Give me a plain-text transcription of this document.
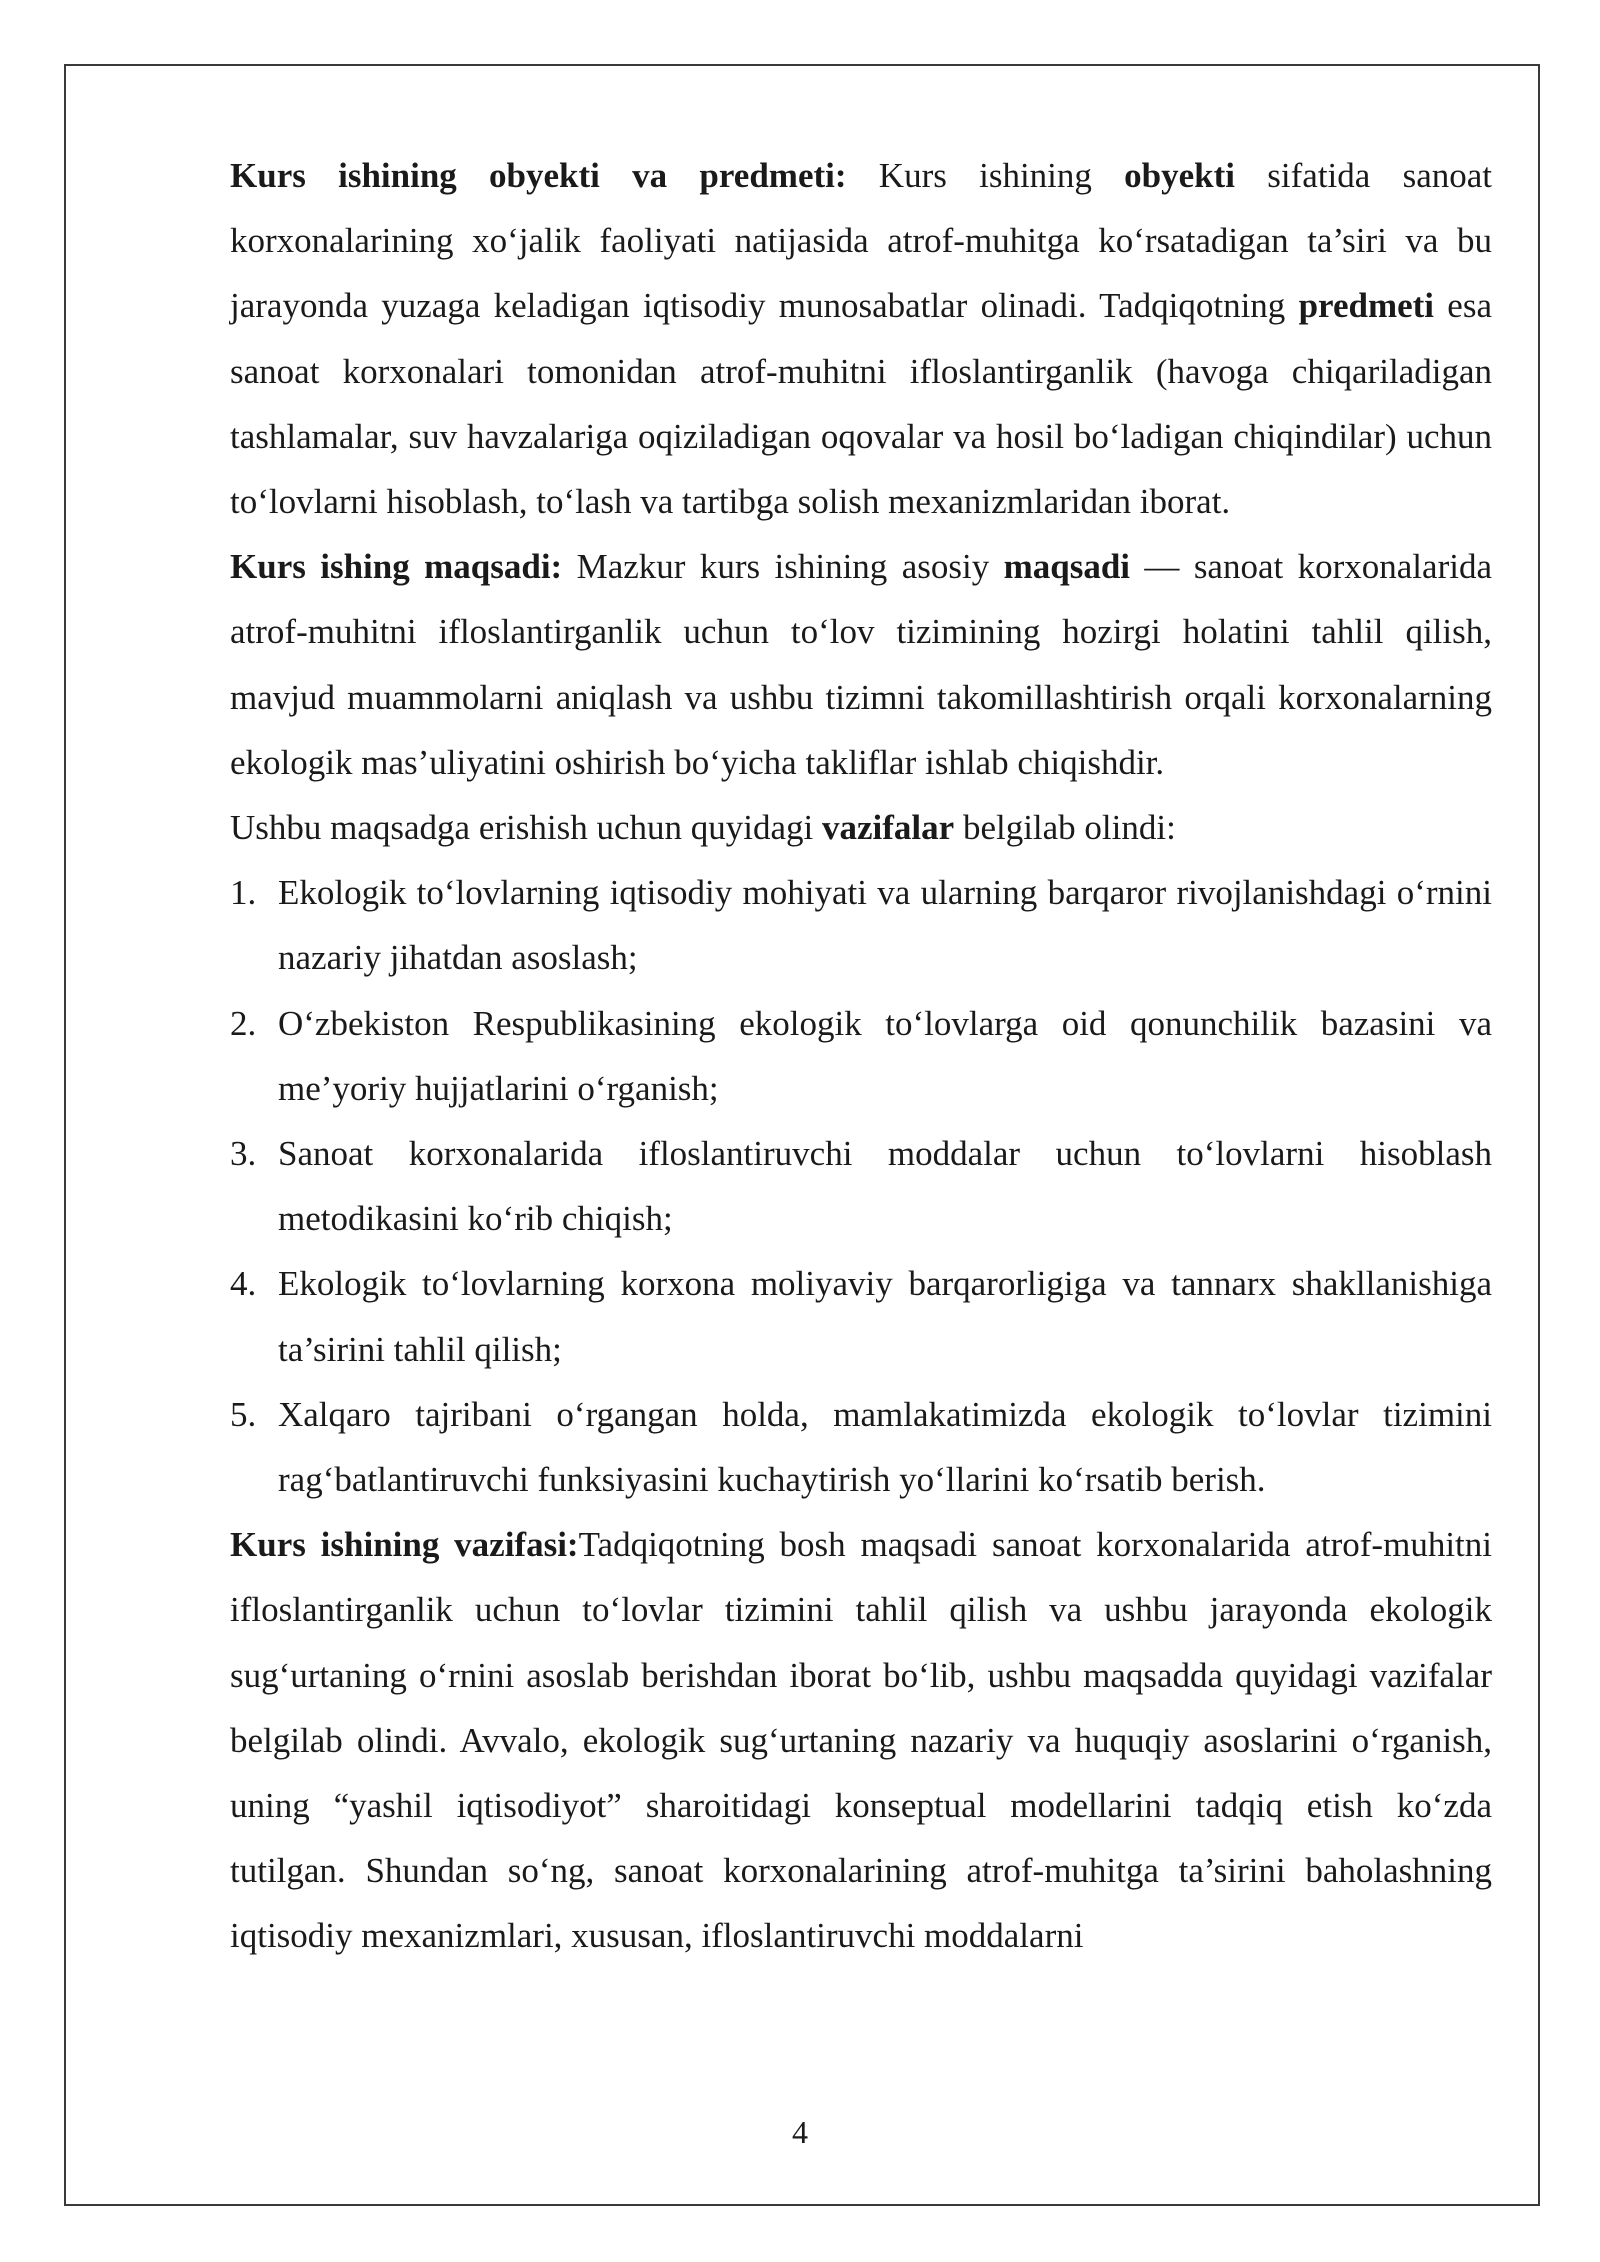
Kurs ishining obyekti va predmeti: Kurs ishining obyekti sifatida sanoat korxonalarining xo‘jalik faoliyati natijasida atrof-muhitga ko‘rsatadigan ta’siri va bu jarayonda yuzaga keladigan iqtisodiy munosabatlar olinadi. Tadqiqotning predmeti esa sanoat korxonalari tomonidan atrof-muhitni ifloslantirganlik (havoga chiqariladigan tashlamalar, suv havzalariga oqiziladigan oqovalar va hosil bo‘ladigan chiqindilar) uchun to‘lovlarni hisoblash, to‘lash va tartibga solish mexanizmlaridan iborat.

Kurs ishing maqsadi: Mazkur kurs ishining asosiy maqsadi — sanoat korxonalarida atrof-muhitni ifloslantirganlik uchun to‘lov tizimining hozirgi holatini tahlil qilish, mavjud muammolarni aniqlash va ushbu tizimni takomillashtirish orqali korxonalarning ekologik mas’uliyatini oshirish bo‘yicha takliflar ishlab chiqishdir.

Ushbu maqsadga erishish uchun quyidagi vazifalar belgilab olindi:

1. Ekologik to‘lovlarning iqtisodiy mohiyati va ularning barqaror rivojlanishdagi o‘rnini nazariy jihatdan asoslash;
2. O‘zbekiston Respublikasining ekologik to‘lovlarga oid qonunchilik bazasini va me’yoriy hujjatlarini o‘rganish;
3. Sanoat korxonalarida ifloslantiruvchi moddalar uchun to‘lovlarni hisoblash metodikasini ko‘rib chiqish;
4. Ekologik to‘lovlarning korxona moliyaviy barqarorligiga va tannarx shakllanishiga ta’sirini tahlil qilish;
5. Xalqaro tajribani o‘rgangan holda, mamlakatimizda ekologik to‘lovlar tizimini rag‘batlantiruvchi funksiyasini kuchaytirish yo‘llarini ko‘rsatib berish.

Kurs ishining vazifasi:Tadqiqotning bosh maqsadi sanoat korxonalarida atrof-muhitni ifloslantirganlik uchun to‘lovlar tizimini tahlil qilish va ushbu jarayonda ekologik sug‘urtaning o‘rnini asoslab berishdan iborat bo‘lib, ushbu maqsadda quyidagi vazifalar belgilab olindi. Avvalo, ekologik sug‘urtaning nazariy va huquqiy asoslarini o‘rganish, uning “yashil iqtisodiyot” sharoitidagi konseptual modellarini tadqiq etish ko‘zda tutilgan. Shundan so‘ng, sanoat korxonalarining atrof-muhitga ta’sirini baholashning iqtisodiy mexanizmlari, xususan, ifloslantiruvchi moddalarni

4
